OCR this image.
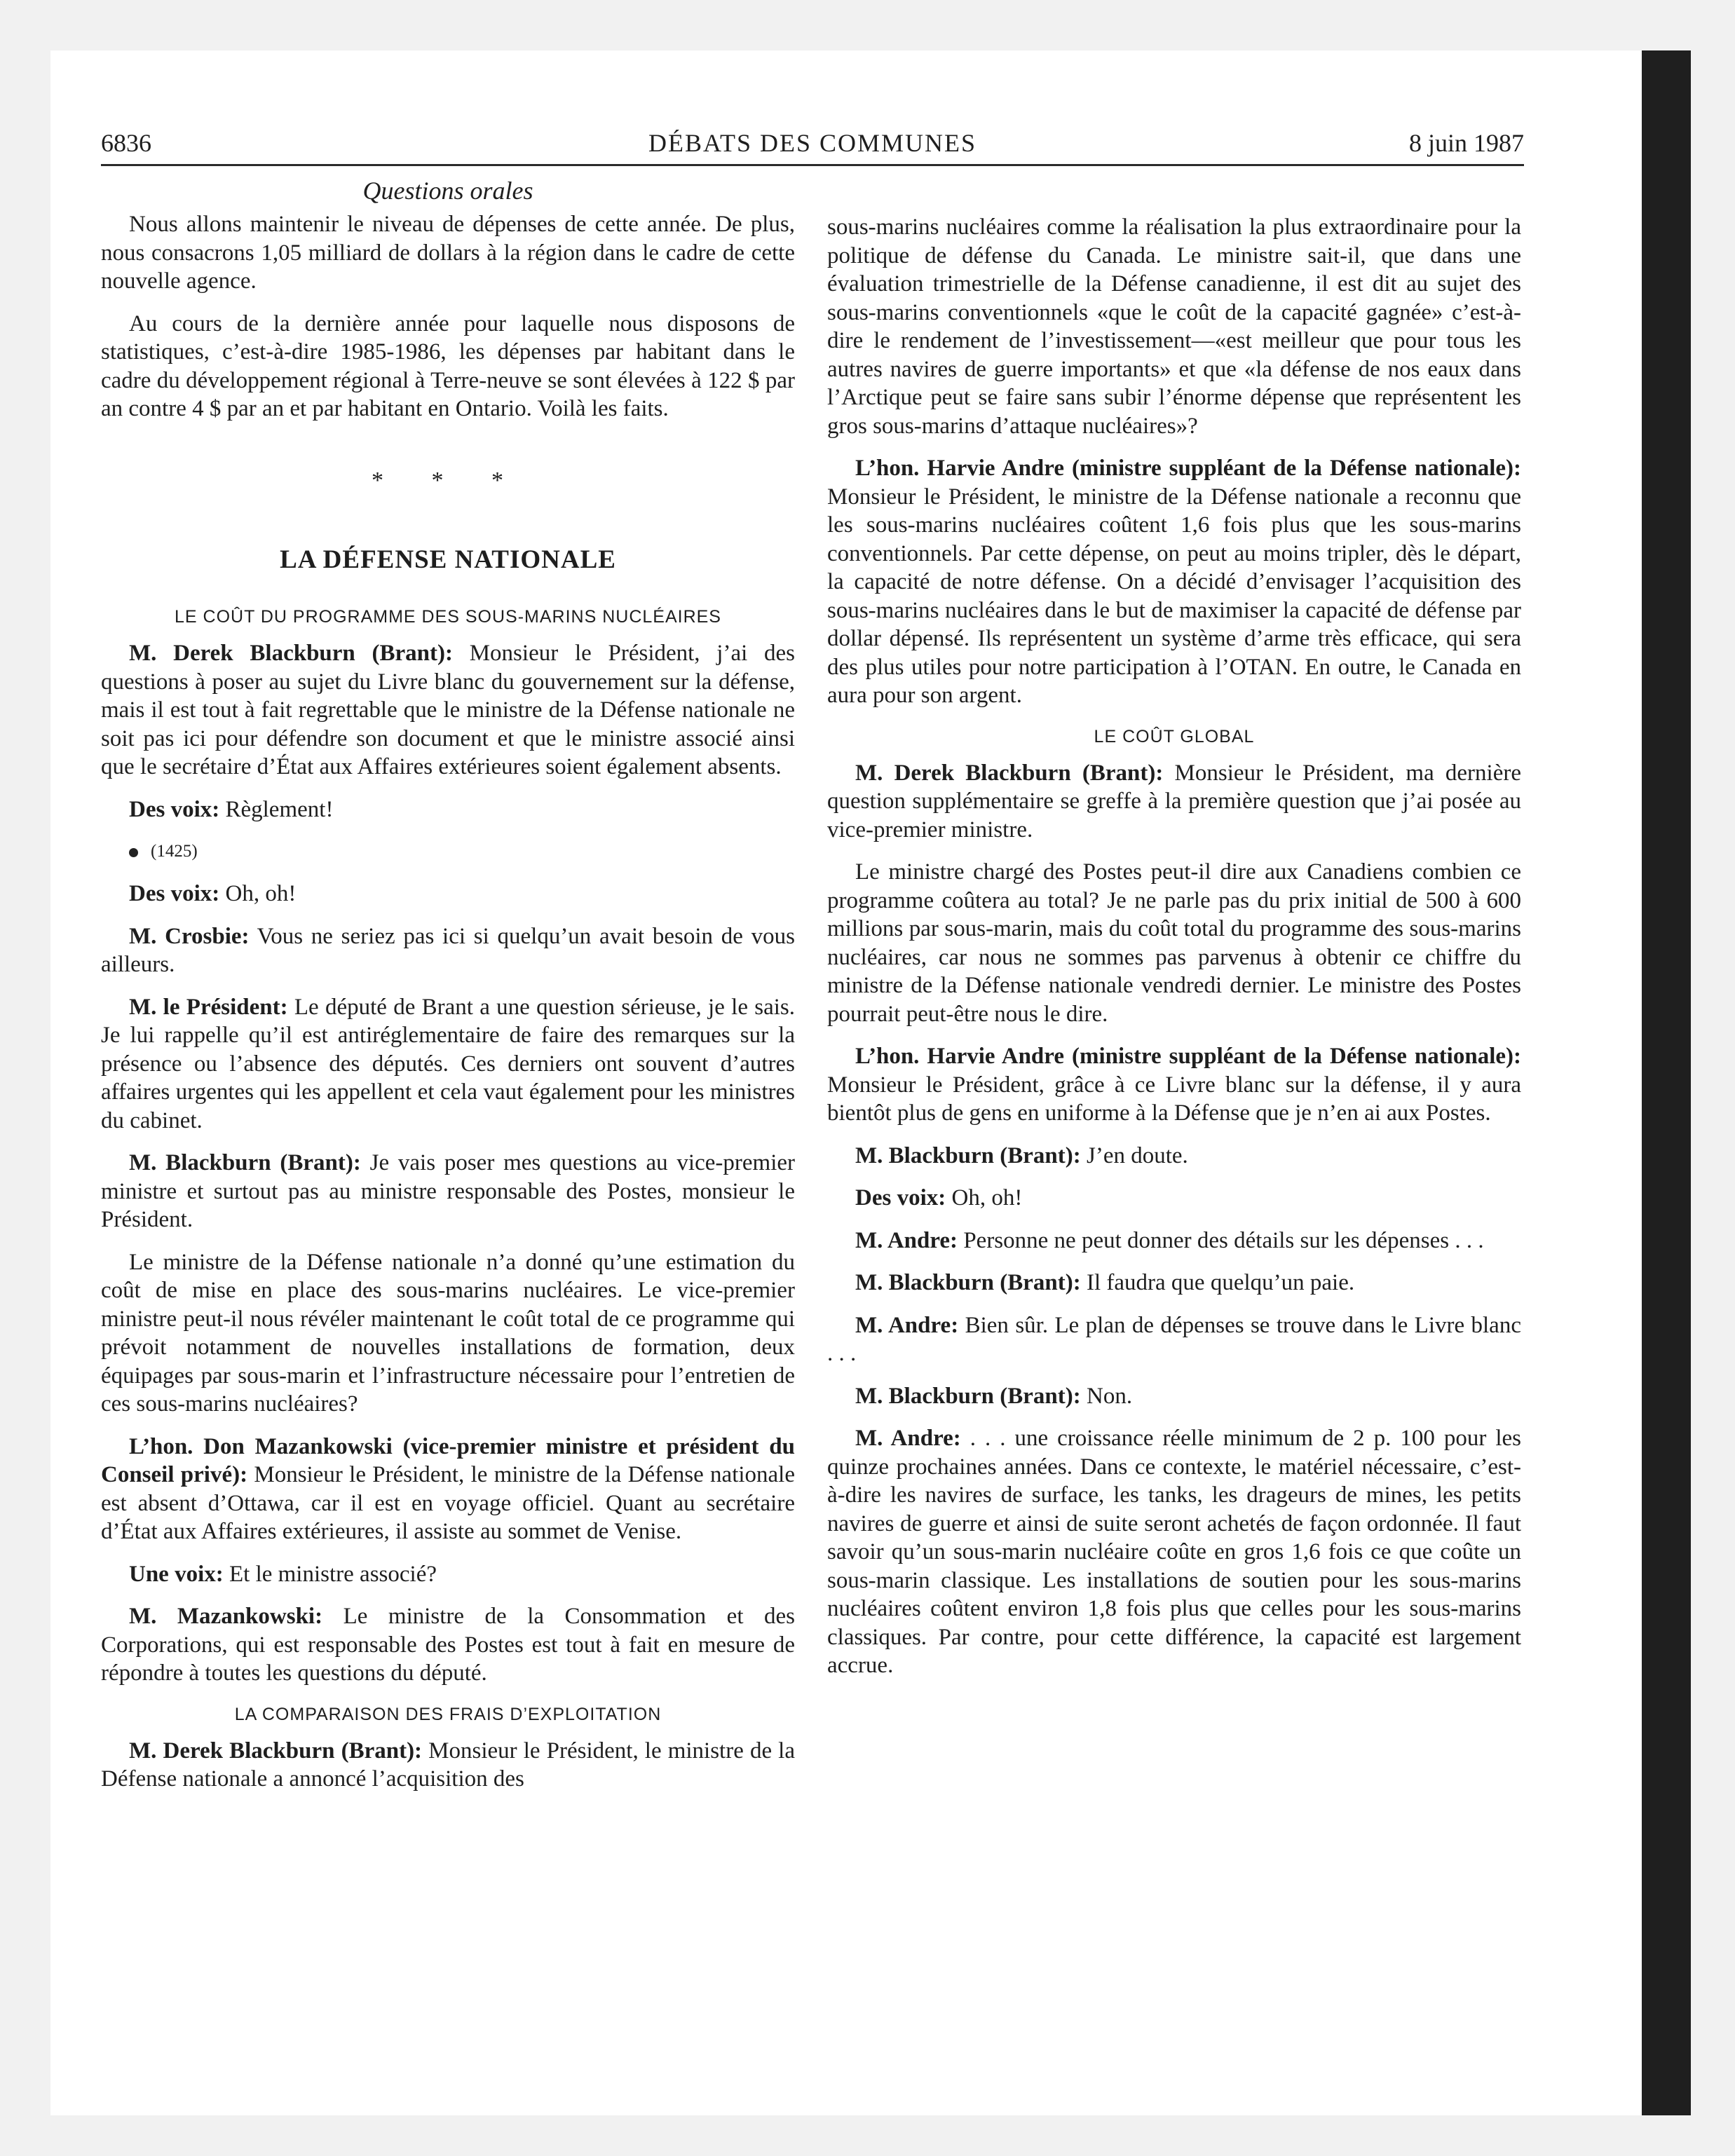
6836	DÉBATS DES COMMUNES	8 juin 1987
Questions orales

Nous allons maintenir le niveau de dépenses de cette année. De plus, nous consacrons 1,05 milliard de dollars à la région dans le cadre de cette nouvelle agence.

Au cours de la dernière année pour laquelle nous disposons de statistiques, c’est-à-dire 1985-1986, les dépenses par habitant dans le cadre du développement régional à Terre-neuve se sont élevées à 122 $ par an contre 4 $ par an et par habitant en Ontario. Voilà les faits.

* * *
LA DÉFENSE NATIONALE
LE COÛT DU PROGRAMME DES SOUS-MARINS NUCLÉAIRES

M. Derek Blackburn (Brant): Monsieur le Président, j’ai des questions à poser au sujet du Livre blanc du gouvernement sur la défense, mais il est tout à fait regrettable que le ministre de la Défense nationale ne soit pas ici pour défendre son document et que le ministre associé ainsi que le secrétaire d’État aux Affaires extérieures soient également absents.

Des voix: Règlement!

(1425)

Des voix: Oh, oh!

M. Crosbie: Vous ne seriez pas ici si quelqu’un avait besoin de vous ailleurs.

M. le Président: Le député de Brant a une question sérieuse, je le sais. Je lui rappelle qu’il est antiréglementaire de faire des remarques sur la présence ou l’absence des députés. Ces derniers ont souvent d’autres affaires urgentes qui les appellent et cela vaut également pour les ministres du cabinet.

M. Blackburn (Brant): Je vais poser mes questions au vice-premier ministre et surtout pas au ministre responsable des Postes, monsieur le Président.

Le ministre de la Défense nationale n’a donné qu’une estimation du coût de mise en place des sous-marins nucléaires. Le vice-premier ministre peut-il nous révéler maintenant le coût total de ce programme qui prévoit notamment de nouvelles installations de formation, deux équipages par sous-marin et l’infrastructure nécessaire pour l’entretien de ces sous-marins nucléaires?

L’hon. Don Mazankowski (vice-premier ministre et président du Conseil privé): Monsieur le Président, le ministre de la Défense nationale est absent d’Ottawa, car il est en voyage officiel. Quant au secrétaire d’État aux Affaires extérieures, il assiste au sommet de Venise.

Une voix: Et le ministre associé?

M. Mazankowski: Le ministre de la Consommation et des Corporations, qui est responsable des Postes est tout à fait en mesure de répondre à toutes les questions du député.

LA COMPARAISON DES FRAIS D’EXPLOITATION

M. Derek Blackburn (Brant): Monsieur le Président, le ministre de la Défense nationale a annoncé l’acquisition des

sous-marins nucléaires comme la réalisation la plus extraordinaire pour la politique de défense du Canada. Le ministre sait-il, que dans une évaluation trimestrielle de la Défense canadienne, il est dit au sujet des sous-marins conventionnels «que le coût de la capacité gagnée» c’est-à-dire le rendement de l’investissement—«est meilleur que pour tous les autres navires de guerre importants» et que «la défense de nos eaux dans l’Arctique peut se faire sans subir l’énorme dépense que représentent les gros sous-marins d’attaque nucléaires»?

L’hon. Harvie Andre (ministre suppléant de la Défense nationale): Monsieur le Président, le ministre de la Défense nationale a reconnu que les sous-marins nucléaires coûtent 1,6 fois plus que les sous-marins conventionnels. Par cette dépense, on peut au moins tripler, dès le départ, la capacité de notre défense. On a décidé d’envisager l’acquisition des sous-marins nucléaires dans le but de maximiser la capacité de défense par dollar dépensé. Ils représentent un système d’arme très efficace, qui sera des plus utiles pour notre participation à l’OTAN. En outre, le Canada en aura pour son argent.

LE COÛT GLOBAL

M. Derek Blackburn (Brant): Monsieur le Président, ma dernière question supplémentaire se greffe à la première question que j’ai posée au vice-premier ministre.

Le ministre chargé des Postes peut-il dire aux Canadiens combien ce programme coûtera au total? Je ne parle pas du prix initial de 500 à 600 millions par sous-marin, mais du coût total du programme des sous-marins nucléaires, car nous ne sommes pas parvenus à obtenir ce chiffre du ministre de la Défense nationale vendredi dernier. Le ministre des Postes pourrait peut-être nous le dire.

L’hon. Harvie Andre (ministre suppléant de la Défense nationale): Monsieur le Président, grâce à ce Livre blanc sur la défense, il y aura bientôt plus de gens en uniforme à la Défense que je n’en ai aux Postes.

M. Blackburn (Brant): J’en doute.

Des voix: Oh, oh!

M. Andre: Personne ne peut donner des détails sur les dépenses . . .

M. Blackburn (Brant): Il faudra que quelqu’un paie.

M. Andre: Bien sûr. Le plan de dépenses se trouve dans le Livre blanc . . .

M. Blackburn (Brant): Non.

M. Andre: . . . une croissance réelle minimum de 2 p. 100 pour les quinze prochaines années. Dans ce contexte, le matériel nécessaire, c’est-à-dire les navires de surface, les tanks, les drageurs de mines, les petits navires de guerre et ainsi de suite seront achetés de façon ordonnée. Il faut savoir qu’un sous-marin nucléaire coûte en gros 1,6 fois ce que coûte un sous-marin classique. Les installations de soutien pour les sous-marins nucléaires coûtent environ 1,8 fois plus que celles pour les sous-marins classiques. Par contre, pour cette différence, la capacité est largement accrue.
